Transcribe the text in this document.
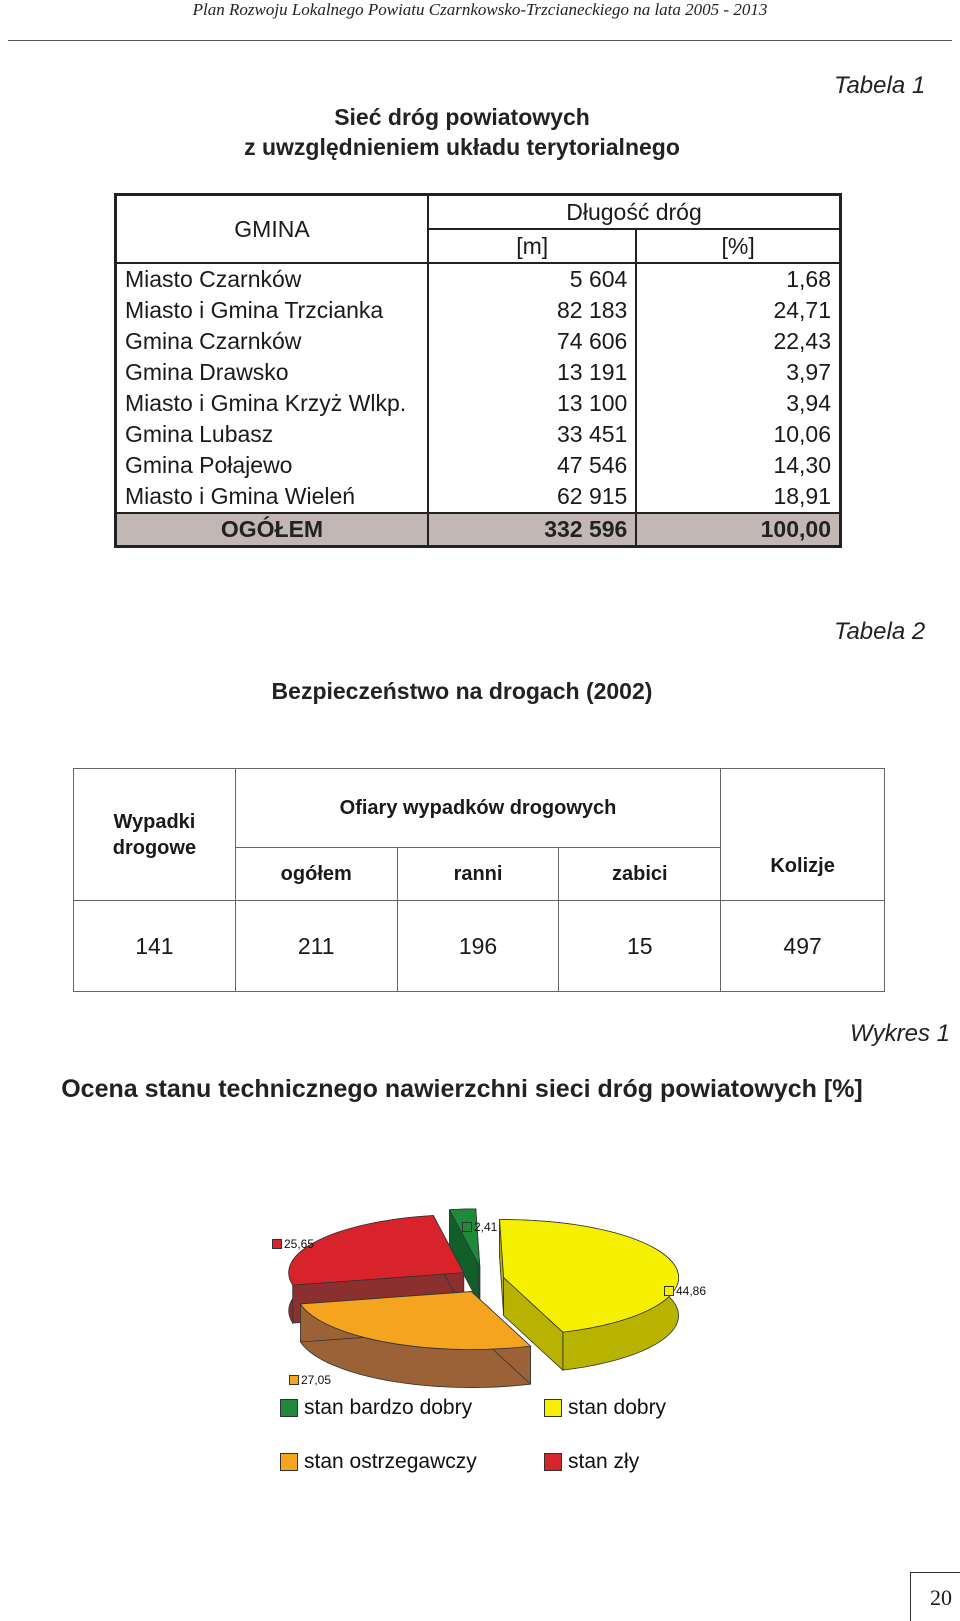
Plan Rozwoju Lokalnego Powiatu Czarnkowsko-Trzcianeckiego na lata 2005 - 2013
Tabela 1
Sieć dróg powiatowych
z uwzględnieniem układu terytorialnego
GMINA	Długość dróg	
	[m]	[%]
Miasto Czarnków	5 604	1,68
Miasto i Gmina Trzcianka	82 183	24,71
Gmina Czarnków	74 606	22,43
Gmina Drawsko	13 191	3,97
Miasto i Gmina Krzyż Wlkp.	13 100	3,94
Gmina Lubasz	33 451	10,06
Gmina Połajewo	47 546	14,30
Miasto i Gmina Wieleń	62 915	18,91
OGÓŁEM	332 596	100,00
Tabela 2
Bezpieczeństwo na drogach (2002)
Wypadki
drogowe	Ofiary wypadków drogowych			Kolizje
	ogółem	ranni	zabici	
141	211	196	15	497
Wykres 1
Ocena stanu technicznego nawierzchni sieci dróg powiatowych [%]
25,65
2,41
44,86
27,05
stan bardzo dobry	stan dobry
stan ostrzegawczy	stan zły
20
